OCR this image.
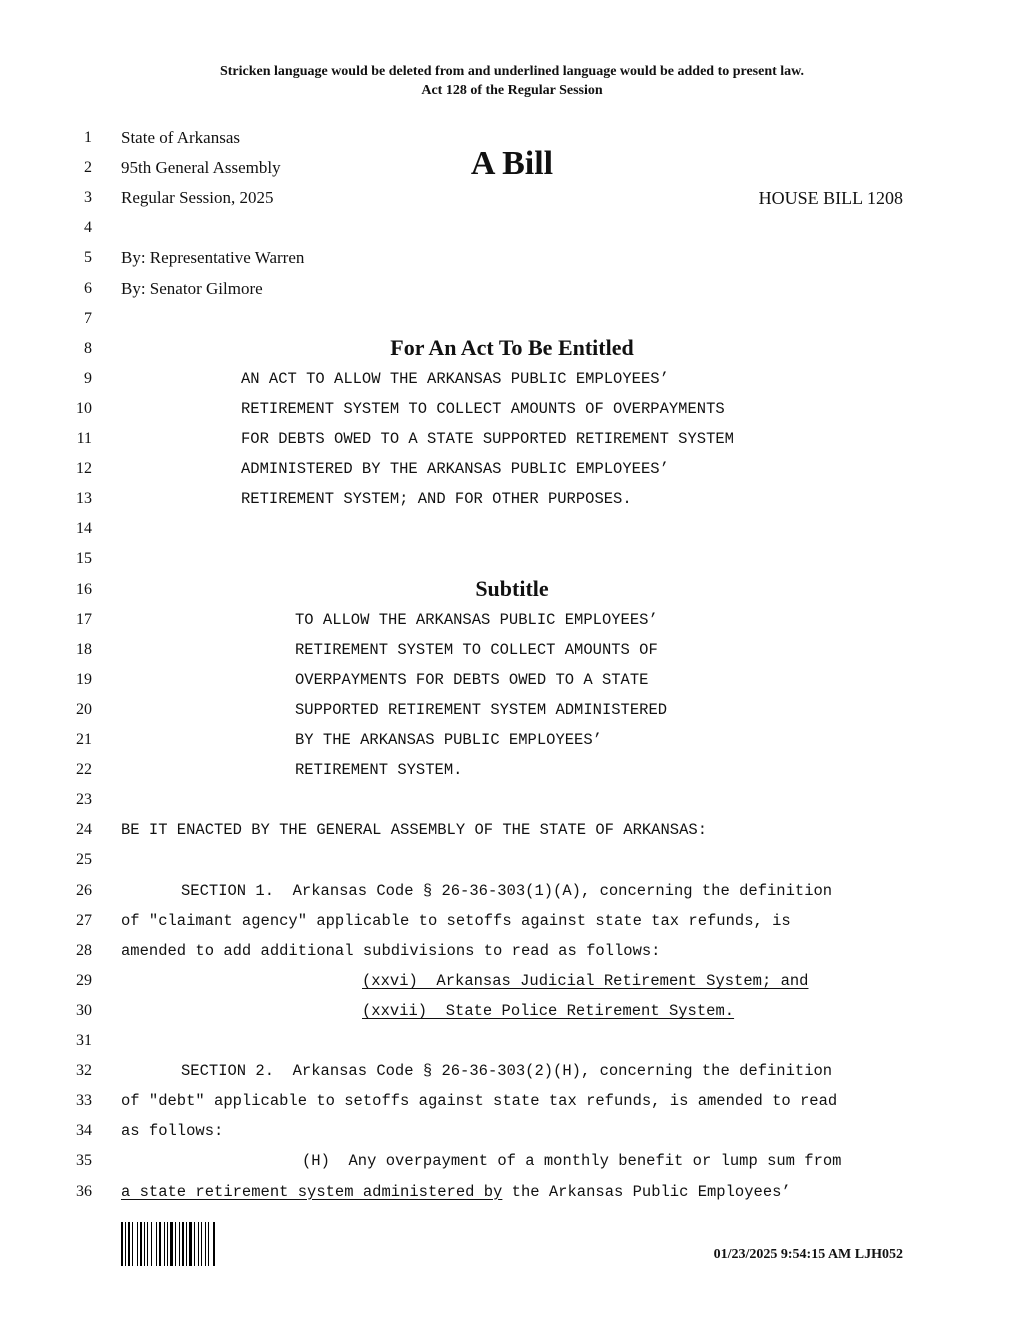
Stricken language would be deleted from and underlined language would be added to present law.
Act 128 of the Regular Session
1
2
3
4
5
6
7
8
9
10
11
12
13
14
15
16
17
18
19
20
21
22
23
24
25
26
27
28
29
30
31
32
33
34
35
36
State of Arkansas
95th General Assembly
Regular Session, 2025
A Bill
HOUSE BILL 1208
By: Representative Warren
By: Senator Gilmore
For An Act To Be Entitled
AN ACT TO ALLOW THE ARKANSAS PUBLIC EMPLOYEES’
RETIREMENT SYSTEM TO COLLECT AMOUNTS OF OVERPAYMENTS
FOR DEBTS OWED TO A STATE SUPPORTED RETIREMENT SYSTEM
ADMINISTERED BY THE ARKANSAS PUBLIC EMPLOYEES’
RETIREMENT SYSTEM; AND FOR OTHER PURPOSES.
Subtitle
TO ALLOW THE ARKANSAS PUBLIC EMPLOYEES’
RETIREMENT SYSTEM TO COLLECT AMOUNTS OF
OVERPAYMENTS FOR DEBTS OWED TO A STATE
SUPPORTED RETIREMENT SYSTEM ADMINISTERED
BY THE ARKANSAS PUBLIC EMPLOYEES’
RETIREMENT SYSTEM.
BE IT ENACTED BY THE GENERAL ASSEMBLY OF THE STATE OF ARKANSAS:
SECTION 1.  Arkansas Code § 26-36-303(1)(A), concerning the definition
of "claimant agency" applicable to setoffs against state tax refunds, is
amended to add additional subdivisions to read as follows:
(xxvi)  Arkansas Judicial Retirement System; and
(xxvii)  State Police Retirement System.
SECTION 2.  Arkansas Code § 26-36-303(2)(H), concerning the definition
of "debt" applicable to setoffs against state tax refunds, is amended to read
as follows:
(H)  Any overpayment of a monthly benefit or lump sum from
a state retirement system administered by the Arkansas Public Employees’
01/23/2025 9:54:15 AM LJH052
